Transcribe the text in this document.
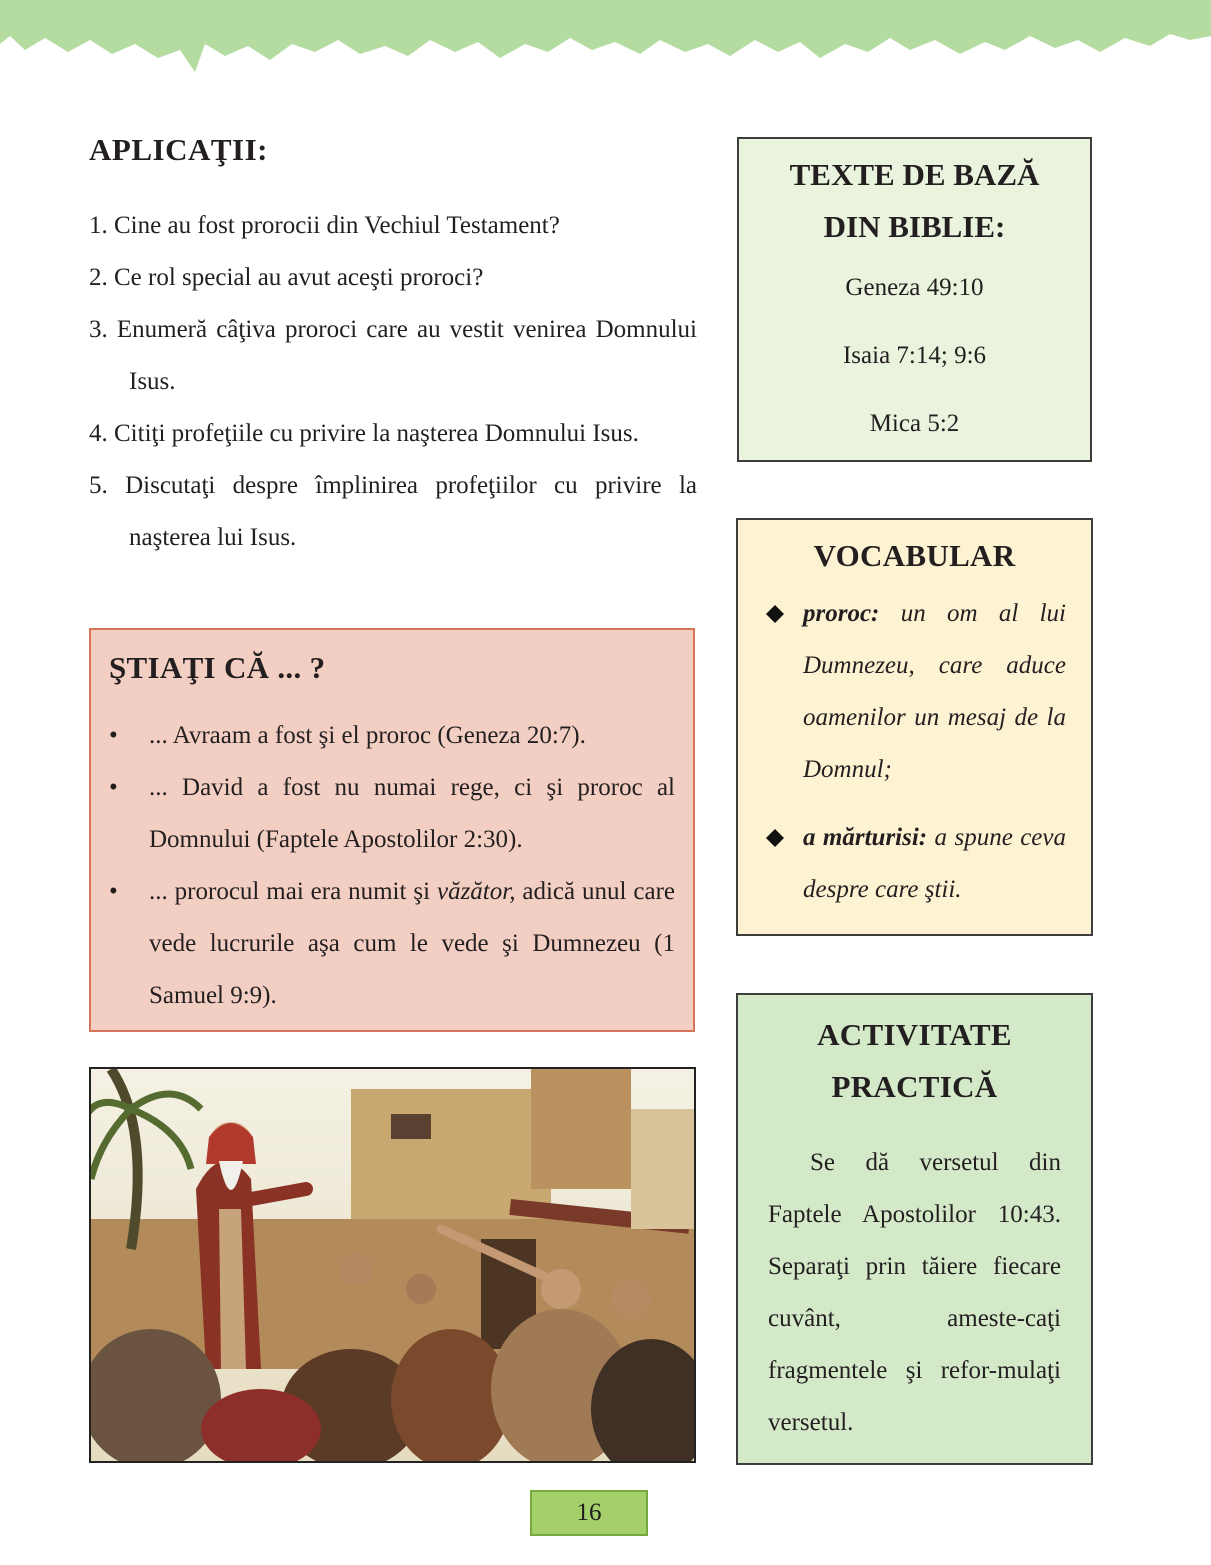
APLICAŢII:
1. Cine au fost prorocii din Vechiul Testament?
2. Ce rol special au avut aceşti proroci?
3. Enumeră câţiva proroci care au vestit venirea Domnului Isus.
4. Citiţi profeţiile cu privire la naşterea Domnului Isus.
5. Discutaţi despre împlinirea profeţiilor cu privire la naşterea lui Isus.
ŞTIAŢI CĂ ... ?
• ... Avraam a fost şi el proroc (Geneza 20:7).
• ... David a fost nu numai rege, ci şi proroc al Domnului (Faptele Apostolilor 2:30).
• ... prorocul mai era numit şi văzător, adică unul care vede lucrurile aşa cum le vede şi Dumnezeu (1 Samuel 9:9).
TEXTE DE BAZĂ
DIN BIBLIE:
Geneza 49:10
Isaia 7:14; 9:6
Mica 5:2
VOCABULAR
proroc: un om al lui Dumnezeu, care aduce oamenilor un mesaj de la Domnul;
a mărturisi: a spune ceva despre care ştii.
ACTIVITATE
PRACTICĂ
Se dă versetul din Faptele Apostolilor 10:43. Separaţi prin tăiere fiecare cuvânt, ameste-caţi fragmentele şi refor-mulaţi versetul.
16
